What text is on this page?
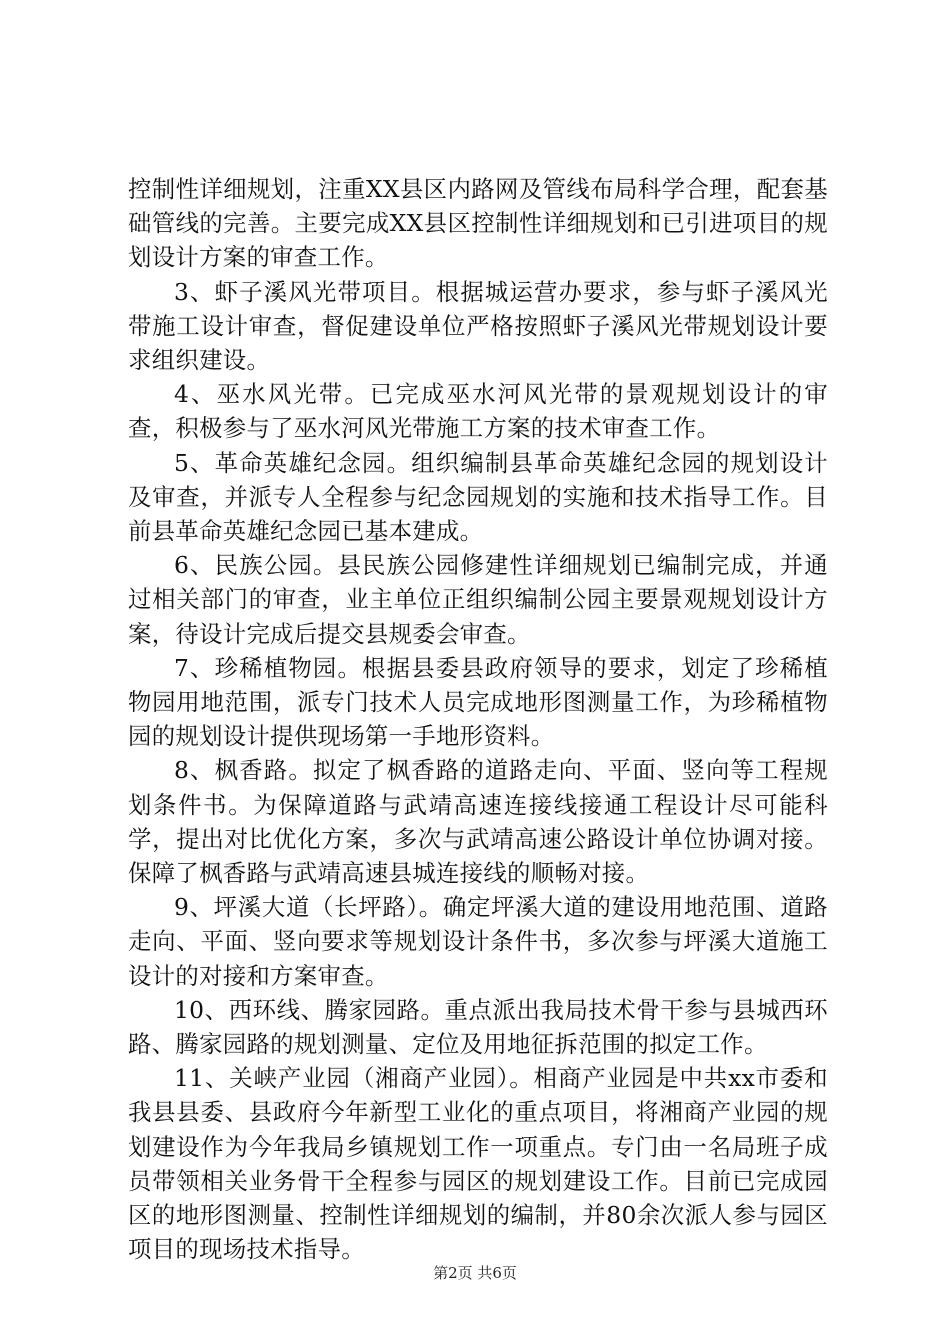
控制性详细规划，注重XX县区内路网及管线布局科学合理，配套基础管线的完善。主要完成XX县区控制性详细规划和已引进项目的规划设计方案的审查工作。

3、虾子溪风光带项目。根据城运营办要求，参与虾子溪风光带施工设计审查，督促建设单位严格按照虾子溪风光带规划设计要求组织建设。

4、巫水风光带。已完成巫水河风光带的景观规划设计的审查，积极参与了巫水河风光带施工方案的技术审查工作。

5、革命英雄纪念园。组织编制县革命英雄纪念园的规划设计及审查，并派专人全程参与纪念园规划的实施和技术指导工作。目前县革命英雄纪念园已基本建成。

6、民族公园。县民族公园修建性详细规划已编制完成，并通过相关部门的审查，业主单位正组织编制公园主要景观规划设计方案，待设计完成后提交县规委会审查。

7、珍稀植物园。根据县委县政府领导的要求，划定了珍稀植物园用地范围，派专门技术人员完成地形图测量工作，为珍稀植物园的规划设计提供现场第一手地形资料。

8、枫香路。拟定了枫香路的道路走向、平面、竖向等工程规划条件书。为保障道路与武靖高速连接线接通工程设计尽可能科学，提出对比优化方案，多次与武靖高速公路设计单位协调对接。保障了枫香路与武靖高速县城连接线的顺畅对接。

9、坪溪大道（长坪路）。确定坪溪大道的建设用地范围、道路走向、平面、竖向要求等规划设计条件书，多次参与坪溪大道施工设计的对接和方案审查。

10、西环线、腾家园路。重点派出我局技术骨干参与县城西环路、腾家园路的规划测量、定位及用地征拆范围的拟定工作。

11、关峡产业园（湘商产业园）。相商产业园是中共xx市委和我县县委、县政府今年新型工业化的重点项目，将湘商产业园的规划建设作为今年我局乡镇规划工作一项重点。专门由一名局班子成员带领相关业务骨干全程参与园区的规划建设工作。目前已完成园区的地形图测量、控制性详细规划的编制，并80余次派人参与园区项目的现场技术指导。

第2页 共6页
